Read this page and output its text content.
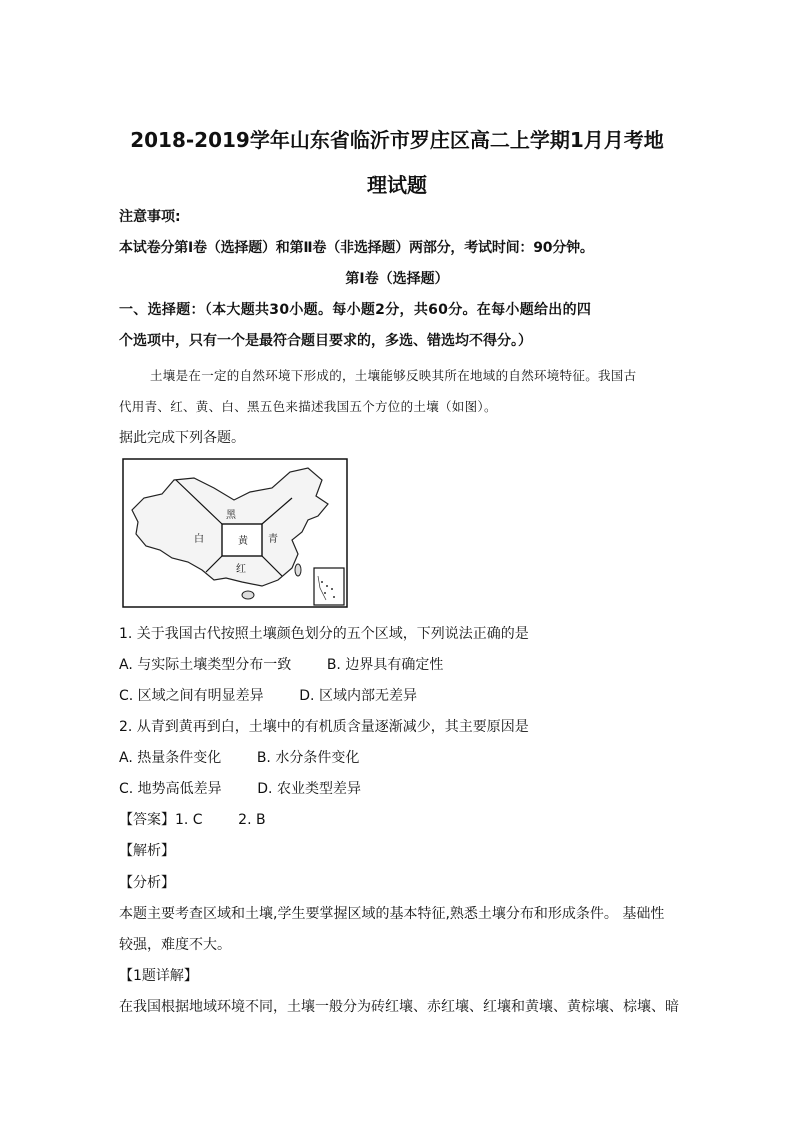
2018-2019学年山东省临沂市罗庄区高二上学期1月月考地
理试题
注意事项:
本试卷分第Ⅰ卷（选择题）和第Ⅱ卷（非选择题）两部分，考试时间：90分钟。
第Ⅰ卷（选择题）
一、选择题：（本大题共30小题。每小题2分，共60分。在每小题给出的四
个选项中，只有一个是最符合题目要求的，多选、错选均不得分。）
土壤是在一定的自然环境下形成的，土壤能够反映其所在地域的自然环境特征。我国古
代用青、红、黄、白、黑五色来描述我国五个方位的土壤（如图）。
据此完成下列各题。
黑
白	黄 青
红
1. 关于我国古代按照土壤颜色划分的五个区域，下列说法正确的是
A. 与实际土壤类型分布一致        B. 边界具有确定性
C. 区域之间有明显差异        D. 区域内部无差异
2. 从青到黄再到白，土壤中的有机质含量逐渐减少，其主要原因是
A. 热量条件变化        B. 水分条件变化
C. 地势高低差异        D. 农业类型差异
【答案】1. C        2. B
【解析】
【分析】
本题主要考查区域和土壤,学生要掌握区域的基本特征,熟悉土壤分布和形成条件。 基础性
较强，难度不大。
【1题详解】
在我国根据地域环境不同，土壤一般分为砖红壤、赤红壤、红壤和黄壤、黄棕壤、棕壤、暗
